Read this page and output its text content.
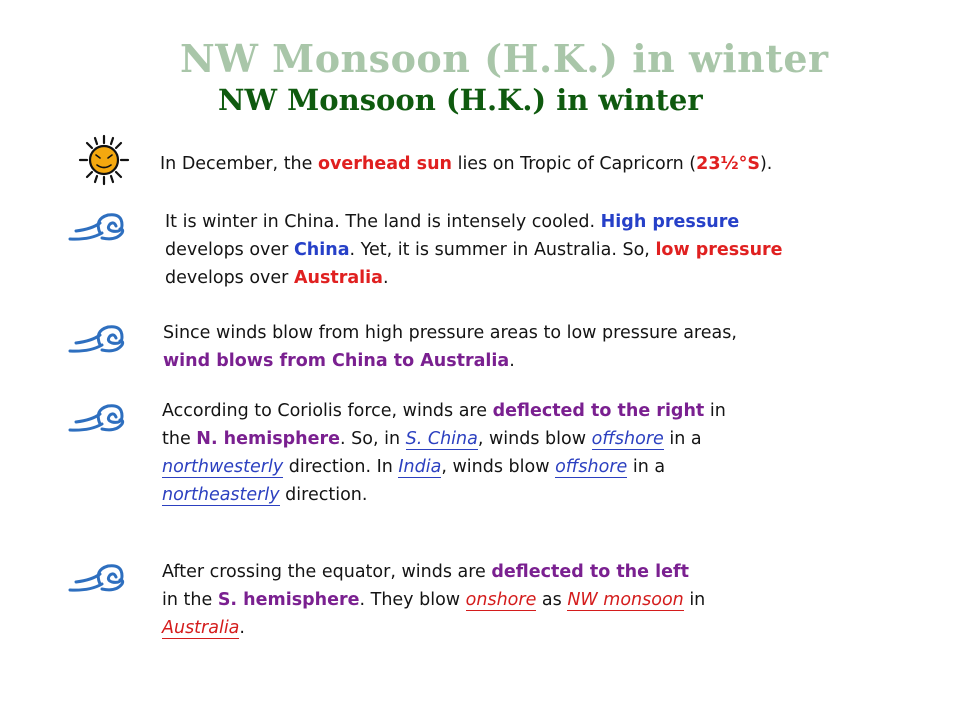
NW Monsoon (H.K.) in winter
NW Monsoon (H.K.) in winter
In December, the overhead sun lies on Tropic of Capricorn (23½°S).
It is winter in China. The land is intensely cooled. High pressure
develops over China. Yet, it is summer in Australia. So, low pressure
develops over Australia.
Since winds blow from high pressure areas to low pressure areas,
wind blows from China to Australia.
According to Coriolis force, winds are deflected to the right in
the N. hemisphere. So, in S. China, winds blow offshore in a
northwesterly direction. In India, winds blow offshore in a
northeasterly direction.
After crossing the equator, winds are deflected to the left
in the S. hemisphere. They blow onshore as NW monsoon in
Australia.
